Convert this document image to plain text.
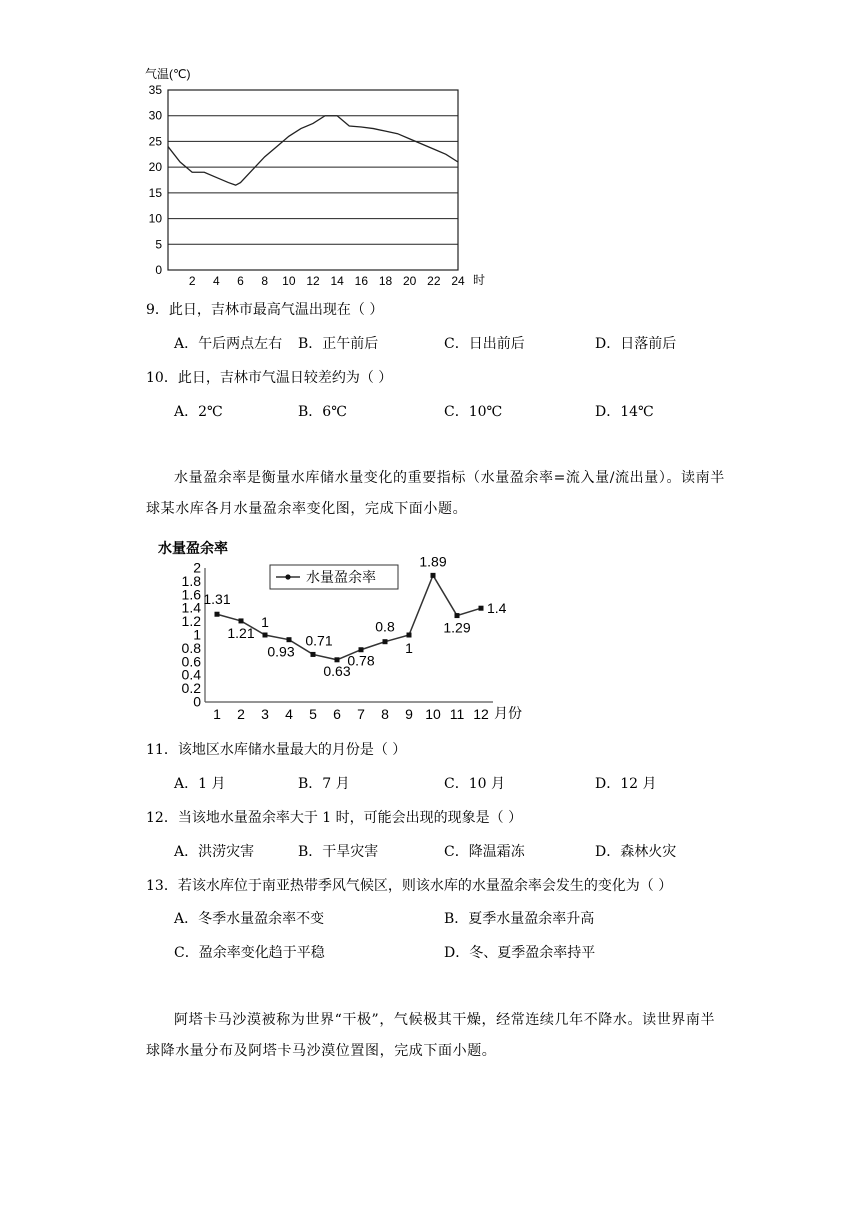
气温(℃)
0
5
10
15
20
25
30
35
2 4 6 8 10 12 14 16 18 20 22 24 时
9．此日，吉林市最高气温出现在（ ）
A．午后两点左右 B．正午前后	C．日出前后	D．日落前后
10．此日，吉林市气温日较差约为（ ）
A．2℃	B．6℃	C．10℃	D．14℃
水量盈余率是衡量水库储水量变化的重要指标（水量盈余率=流入量/流出量）。读南半球某水库各月水量盈余率变化图，完成下面小题。
水量盈余率
水量盈余率
0
0.2
0.4
0.6
0.8
1
1.2
1.4
1.6
1.8
2
1 2 3 4 5 6 7 8 9 10 11 12
1.31
1.21
1
0.93
0.71
0.63
0.78
0.8
1
1.89
1.29
1.4
月份
11．该地区水库储水量最大的月份是（ ）
A．1 月	B．7 月	C．10 月	D．12 月
12．当该地水量盈余率大于 1 时，可能会出现的现象是（ ）
A．洪涝灾害	B．干旱灾害	C．降温霜冻	D．森林火灾
13．若该水库位于南亚热带季风气候区，则该水库的水量盈余率会发生的变化为（ ）
A．冬季水量盈余率不变	B．夏季水量盈余率升高
C．盈余率变化趋于平稳	D．冬、夏季盈余率持平
阿塔卡马沙漠被称为世界“干极”，气候极其干燥，经常连续几年不降水。读世界南半球降水量分布及阿塔卡马沙漠位置图，完成下面小题。
